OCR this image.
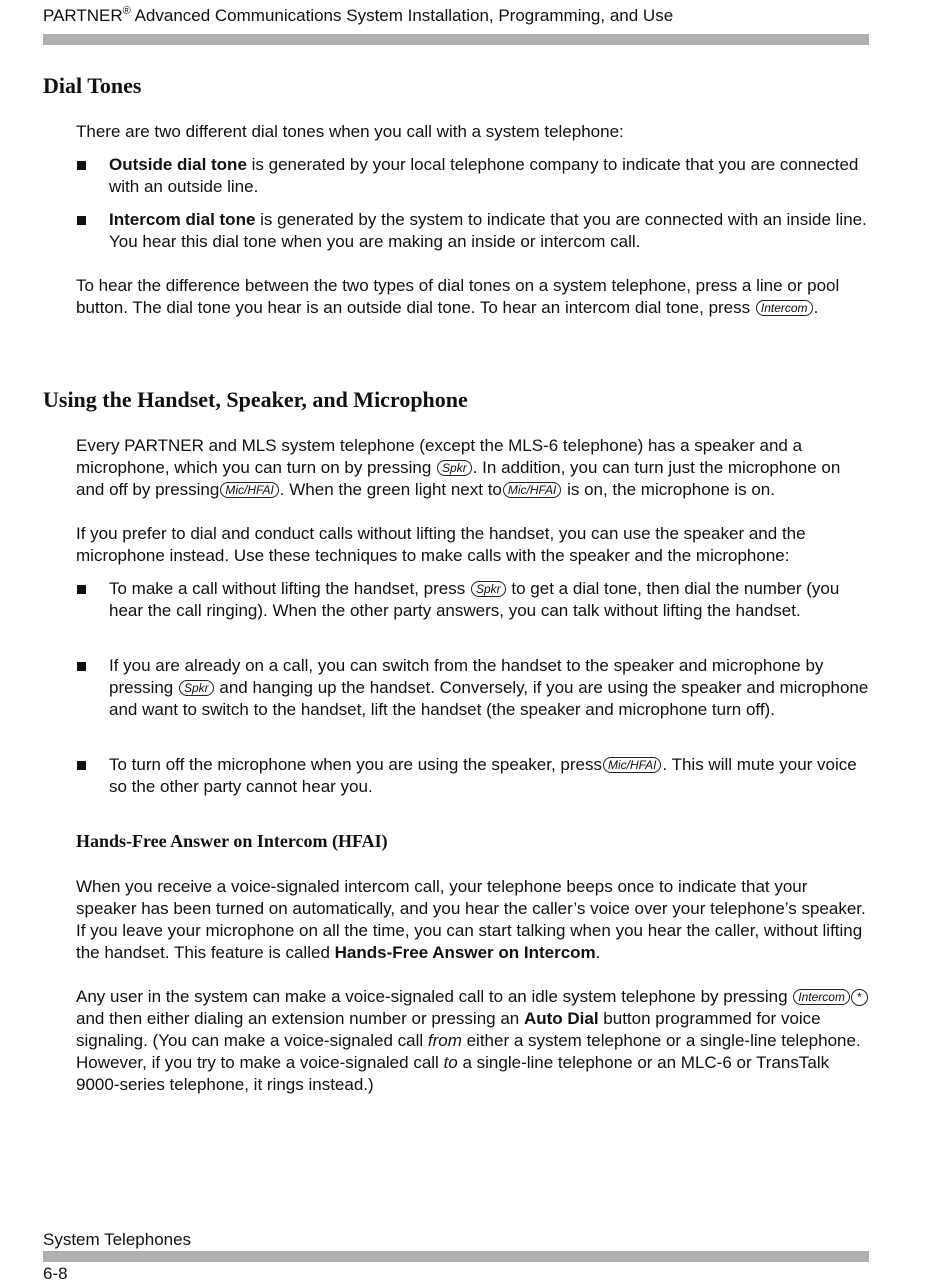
PARTNER® Advanced Communications System Installation, Programming, and Use
Dial Tones

There are two different dial tones when you call with a system telephone:

Outside dial tone is generated by your local telephone company to indicate that you are connected with an outside line.
Intercom dial tone is generated by the system to indicate that you are connected with an inside line. You hear this dial tone when you are making an inside or intercom call.

To hear the difference between the two types of dial tones on a system telephone, press a line or pool button. The dial tone you hear is an outside dial tone. To hear an intercom dial tone, press Intercom .

Using the Handset, Speaker, and Microphone

Every PARTNER and MLS system telephone (except the MLS-6 telephone) has a speaker and a microphone, which you can turn on by pressing Spkr . In addition, you can turn just the microphone on and off by pressing Mic/HFAI . When the green light next to Mic/HFAI is on, the microphone is on.

If you prefer to dial and conduct calls without lifting the handset, you can use the speaker and the microphone instead. Use these techniques to make calls with the speaker and the microphone:

To make a call without lifting the handset, press Spkr to get a dial tone, then dial the number (you hear the call ringing). When the other party answers, you can talk without lifting the handset.
If you are already on a call, you can switch from the handset to the speaker and microphone by pressing Spkr and hanging up the handset. Conversely, if you are using the speaker and microphone and want to switch to the handset, lift the handset (the speaker and microphone turn off).
To turn off the microphone when you are using the speaker, press Mic/HFAI . This will mute your voice so the other party cannot hear you.
Hands-Free Answer on Intercom (HFAI)

When you receive a voice-signaled intercom call, your telephone beeps once to indicate that your speaker has been turned on automatically, and you hear the caller’s voice over your telephone’s speaker. If you leave your microphone on all the time, you can start talking when you hear the caller, without lifting the handset. This feature is called Hands-Free Answer on Intercom.

Any user in the system can make a voice-signaled call to an idle system telephone by pressing Intercom * and then either dialing an extension number or pressing an Auto Dial button programmed for voice signaling. (You can make a voice-signaled call from either a system telephone or a single-line telephone. However, if you try to make a voice-signaled call to a single-line telephone or an MLC-6 or TransTalk 9000-series telephone, it rings instead.)

System Telephones
6-8
